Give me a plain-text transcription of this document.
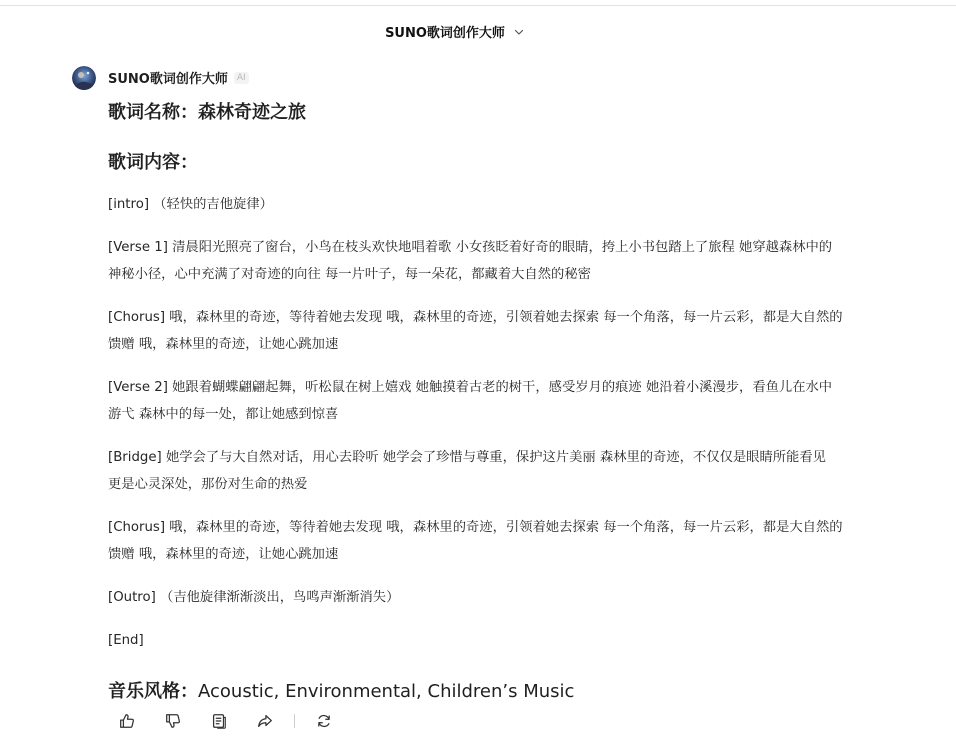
SUNO歌词创作大师
SUNO歌词创作大师	AI
歌词名称：森林奇迹之旅
歌词内容：

[intro] （轻快的吉他旋律）

[Verse 1] 清晨阳光照亮了窗台，小鸟在枝头欢快地唱着歌 小女孩眨着好奇的眼睛，挎上小书包踏上了旅程 她穿越森林中的神秘小径，心中充满了对奇迹的向往 每一片叶子，每一朵花，都藏着大自然的秘密

[Chorus] 哦，森林里的奇迹，等待着她去发现 哦，森林里的奇迹，引领着她去探索 每一个角落，每一片云彩，都是大自然的馈赠 哦，森林里的奇迹，让她心跳加速

[Verse 2] 她跟着蝴蝶翩翩起舞，听松鼠在树上嬉戏 她触摸着古老的树干，感受岁月的痕迹 她沿着小溪漫步，看鱼儿在水中游弋 森林中的每一处，都让她感到惊喜

[Bridge] 她学会了与大自然对话，用心去聆听 她学会了珍惜与尊重，保护这片美丽 森林里的奇迹，不仅仅是眼睛所能看见 更是心灵深处，那份对生命的热爱

[Chorus] 哦，森林里的奇迹，等待着她去发现 哦，森林里的奇迹，引领着她去探索 每一个角落，每一片云彩，都是大自然的馈赠 哦，森林里的奇迹，让她心跳加速

[Outro] （吉他旋律渐渐淡出，鸟鸣声渐渐消失）

[End]

音乐风格：Acoustic, Environmental, Children’s Music
